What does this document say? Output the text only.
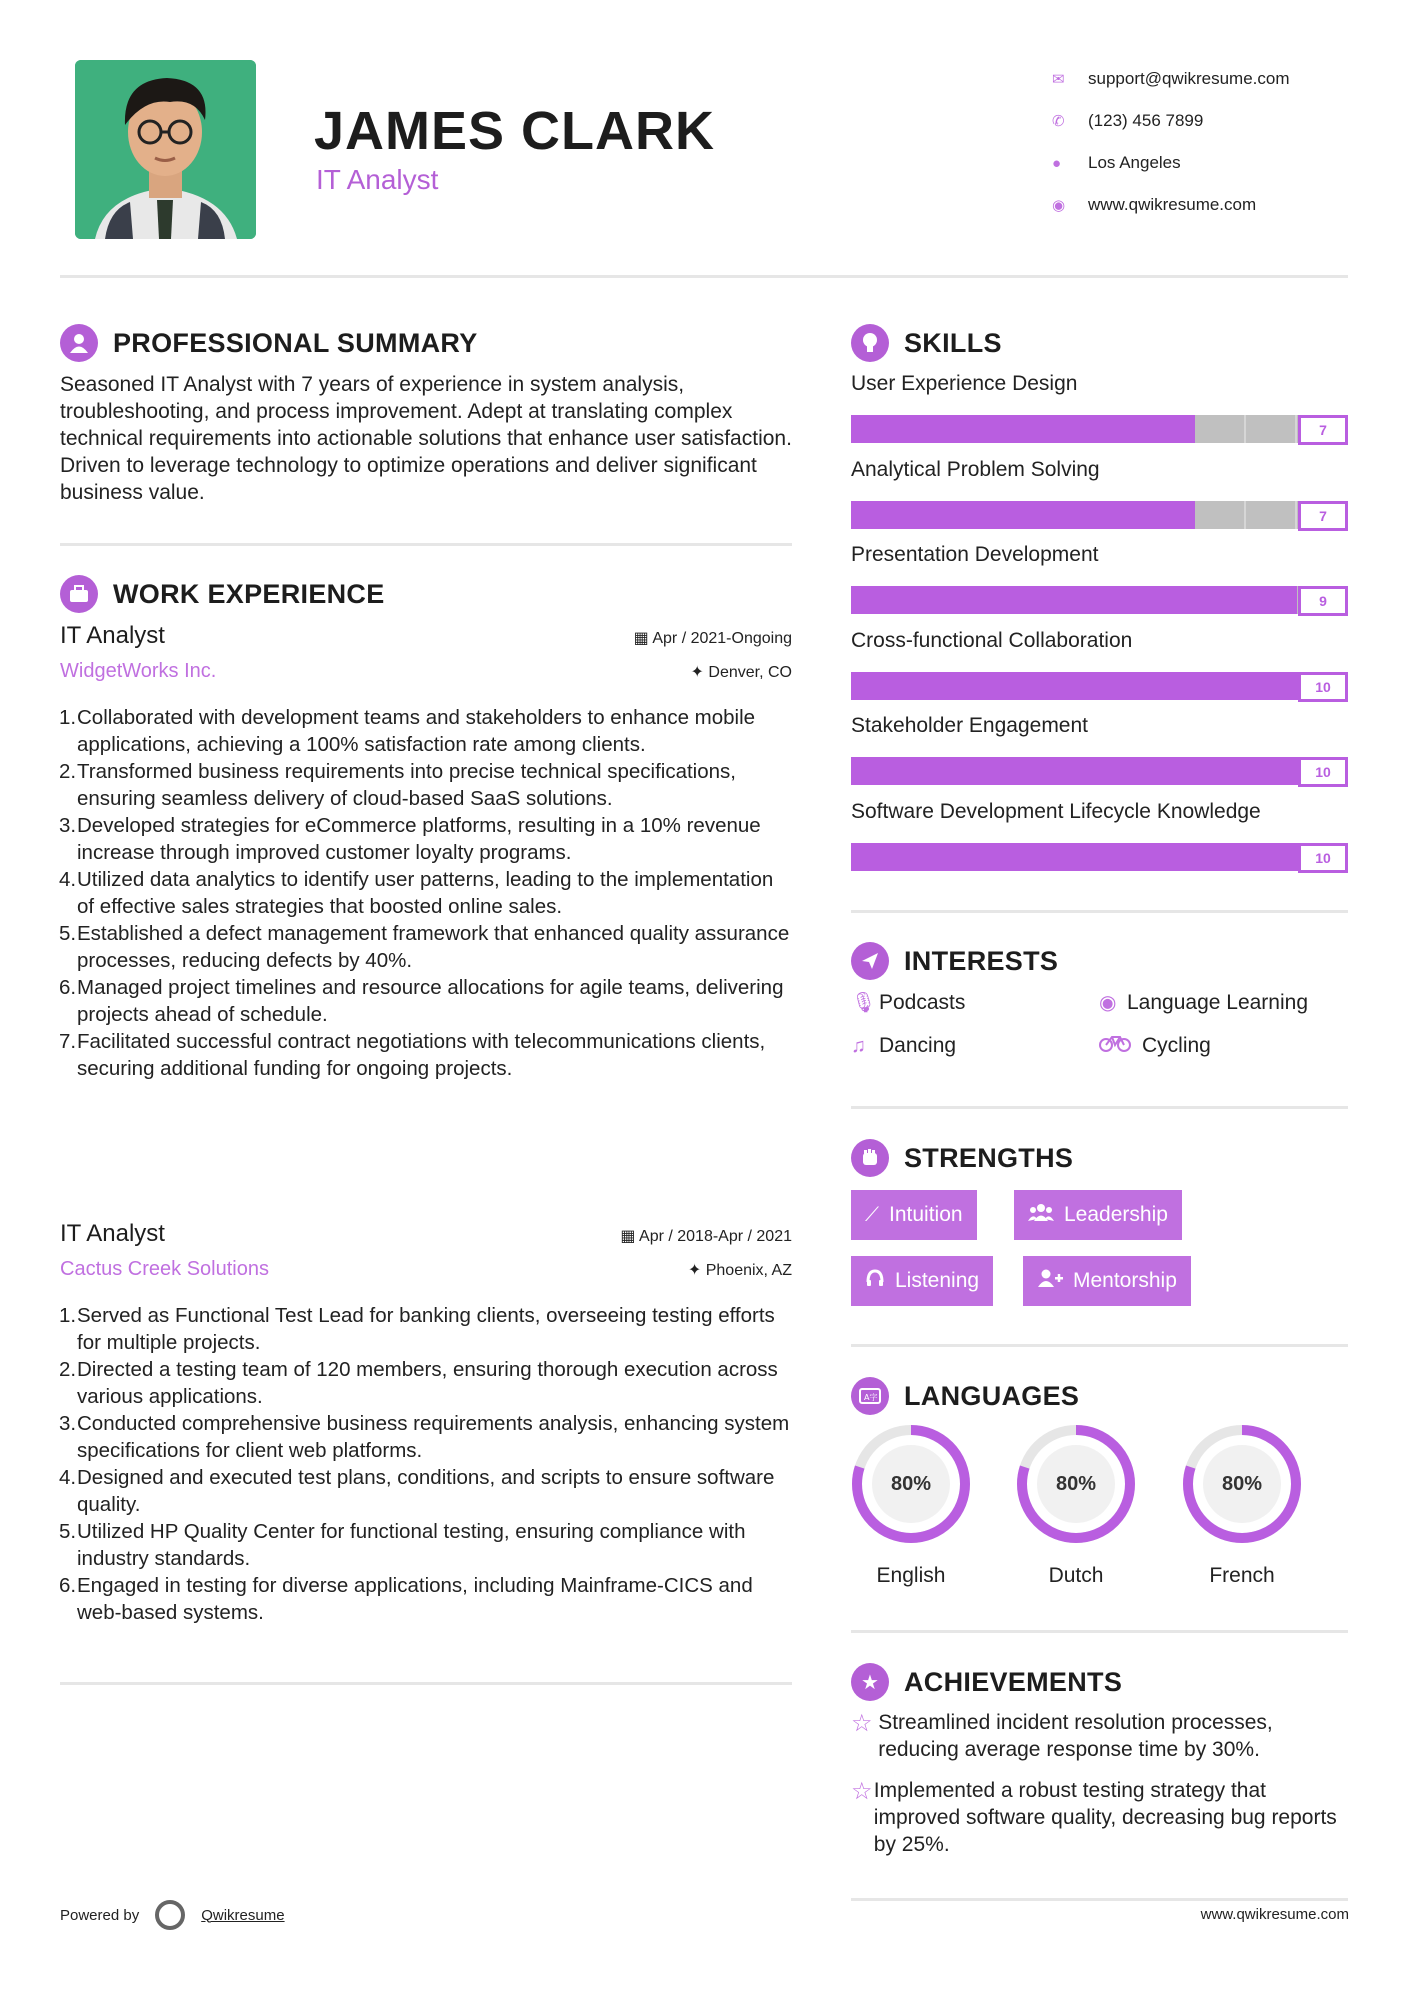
JAMES CLARK
IT Analyst
✉	support@qwikresume.com
✆	(123) 456 7899
●	Los Angeles
◉	www.qwikresume.com
PROFESSIONAL SUMMARY
Seasoned IT Analyst with 7 years of experience in system analysis, troubleshooting, and process improvement. Adept at translating complex technical requirements into actionable solutions that enhance user satisfaction. Driven to leverage technology to optimize operations and deliver significant business value.
WORK EXPERIENCE
IT Analyst	▦ Apr / 2021-Ongoing
WidgetWorks Inc.	✦ Denver, CO
1. Collaborated with development teams and stakeholders to enhance mobile applications, achieving a 100% satisfaction rate among clients.
2. Transformed business requirements into precise technical specifications, ensuring seamless delivery of cloud-based SaaS solutions.
3. Developed strategies for eCommerce platforms, resulting in a 10% revenue increase through improved customer loyalty programs.
4. Utilized data analytics to identify user patterns, leading to the implementation of effective sales strategies that boosted online sales.
5. Established a defect management framework that enhanced quality assurance processes, reducing defects by 40%.
6. Managed project timelines and resource allocations for agile teams, delivering projects ahead of schedule.
7. Facilitated successful contract negotiations with telecommunications clients, securing additional funding for ongoing projects.
IT Analyst	▦ Apr / 2018-Apr / 2021
Cactus Creek Solutions	✦ Phoenix, AZ
1. Served as Functional Test Lead for banking clients, overseeing testing efforts for multiple projects.
2. Directed a testing team of 120 members, ensuring thorough execution across various applications.
3. Conducted comprehensive business requirements analysis, enhancing system specifications for client web platforms.
4. Designed and executed test plans, conditions, and scripts to ensure software quality.
5. Utilized HP Quality Center for functional testing, ensuring compliance with industry standards.
6. Engaged in testing for diverse applications, including Mainframe-CICS and web-based systems.
SKILLS
User Experience Design
7
Analytical Problem Solving
7
Presentation Development
9
Cross-functional Collaboration
10
Stakeholder Engagement
10
Software Development Lifecycle Knowledge
10
INTERESTS
🎙︎ Podcasts	◉ Language Learning
♫ Dancing	Cycling
STRENGTHS
⟋ Intuition	Leadership
Listening	Mentorship
A字 LANGUAGES
80%
English
80%
Dutch
80%
French
★ ACHIEVEMENTS
☆ Streamlined incident resolution processes, reducing average response time by 30%.
☆ Implemented a robust testing strategy that improved software quality, decreasing bug reports by 25%.
Powered by	Qwikresume	www.qwikresume.com
